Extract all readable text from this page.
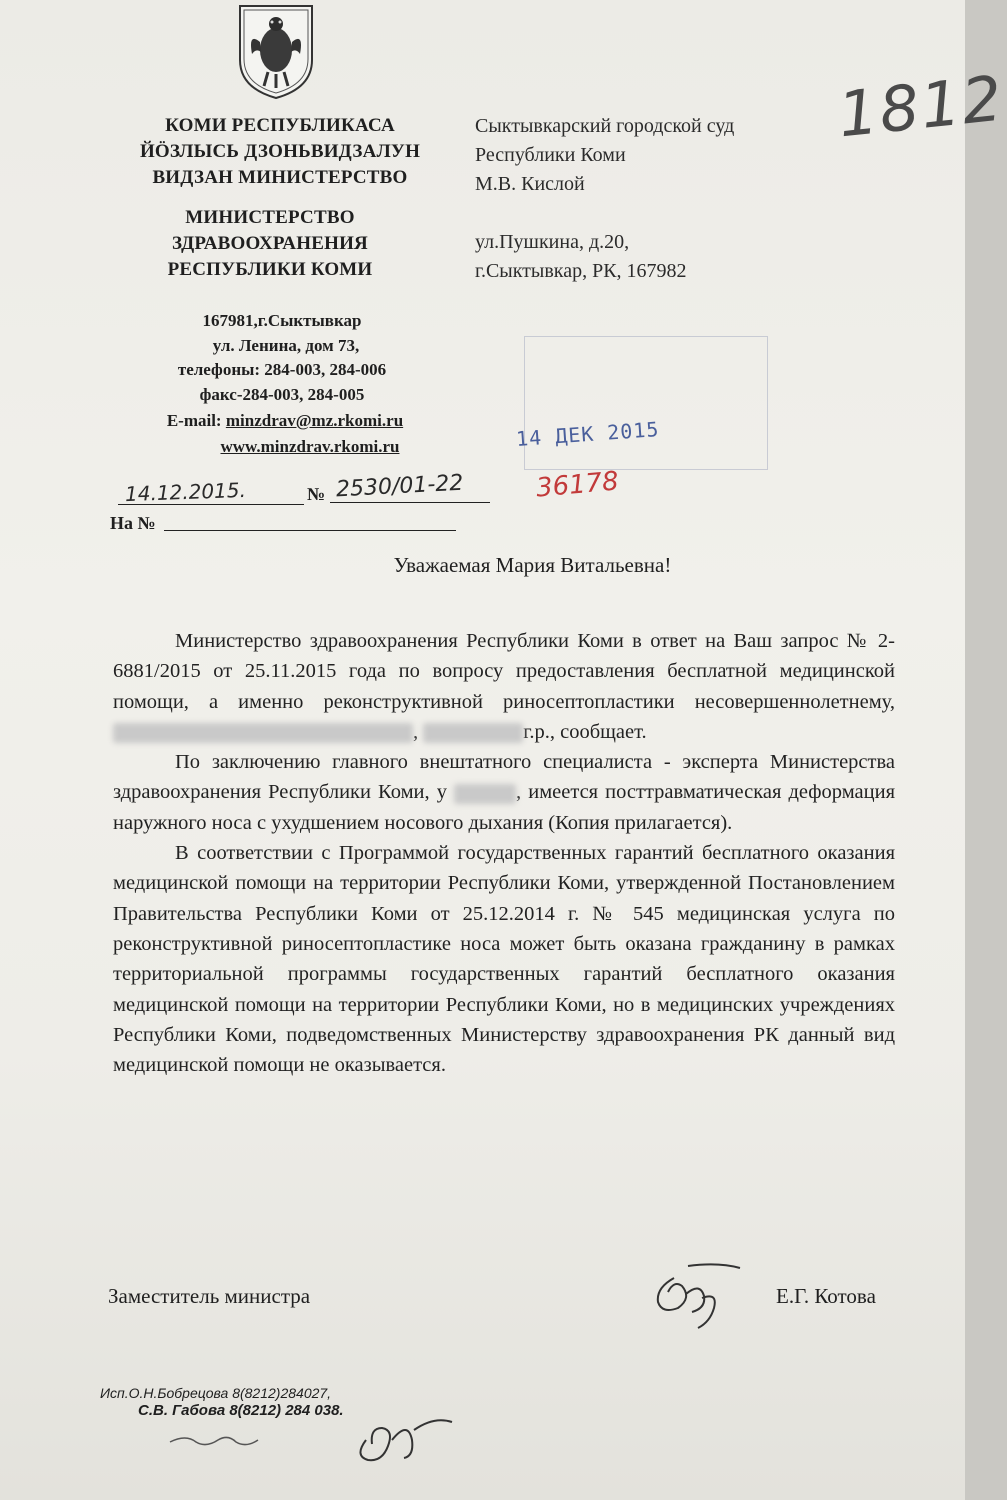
КОМИ РЕСПУБЛИКАСА
ЙÖЗЛЫСЬ ДЗОНЬВИДЗАЛУН
ВИДЗАН МИНИСТЕРСТВО
МИНИСТЕРСТВО
ЗДРАВООХРАНЕНИЯ
РЕСПУБЛИКИ КОМИ
167981,г.Сыктывкар
ул. Ленина, дом 73,
телефоны: 284-003, 284-006
факс-284-003, 284-005
E-mail: minzdrav@mz.rkomi.ru
www.minzdrav.rkomi.ru
Сыктывкарский городской суд
Республики Коми
М.В. Кислой
ул.Пушкина, д.20,
г.Сыктывкар, РК, 167982
1812
14 ДЕК 2015
14.12.2015.	№ 2530/01-22	36178
На №
Уважаемая Мария Витальевна!

Министерство здравоохранения Республики Коми в ответ на Ваш запрос № 2-6881/2015 от 25.11.2015 года по вопросу предоставления бесплатной медицинской помощи, а именно реконструктивной риносептопластики несовершеннолетнему, ,	г.р., сообщает.

По заключению главного внештатного специалиста - эксперта Министерства здравоохранения Республики Коми, у	, имеется посттравматическая деформация наружного носа с ухудшением носового дыхания (Копия прилагается).

В соответствии с Программой государственных гарантий бесплатного оказания медицинской помощи на территории Республики Коми, утвержденной Постановлением Правительства Республики Коми от 25.12.2014 г. № 545 медицинская услуга по реконструктивной риносептопластике носа может быть оказана гражданину в рамках территориальной программы государственных гарантий бесплатного оказания медицинской помощи на территории Республики Коми, но в медицинских учреждениях Республики Коми, подведомственных Министерству здравоохранения РК данный вид медицинской помощи не оказывается.

Заместитель министра	Е.Г. Котова
Исп.О.Н.Бобрецова 8(8212)284027,
С.В. Габова 8(8212) 284 038.
